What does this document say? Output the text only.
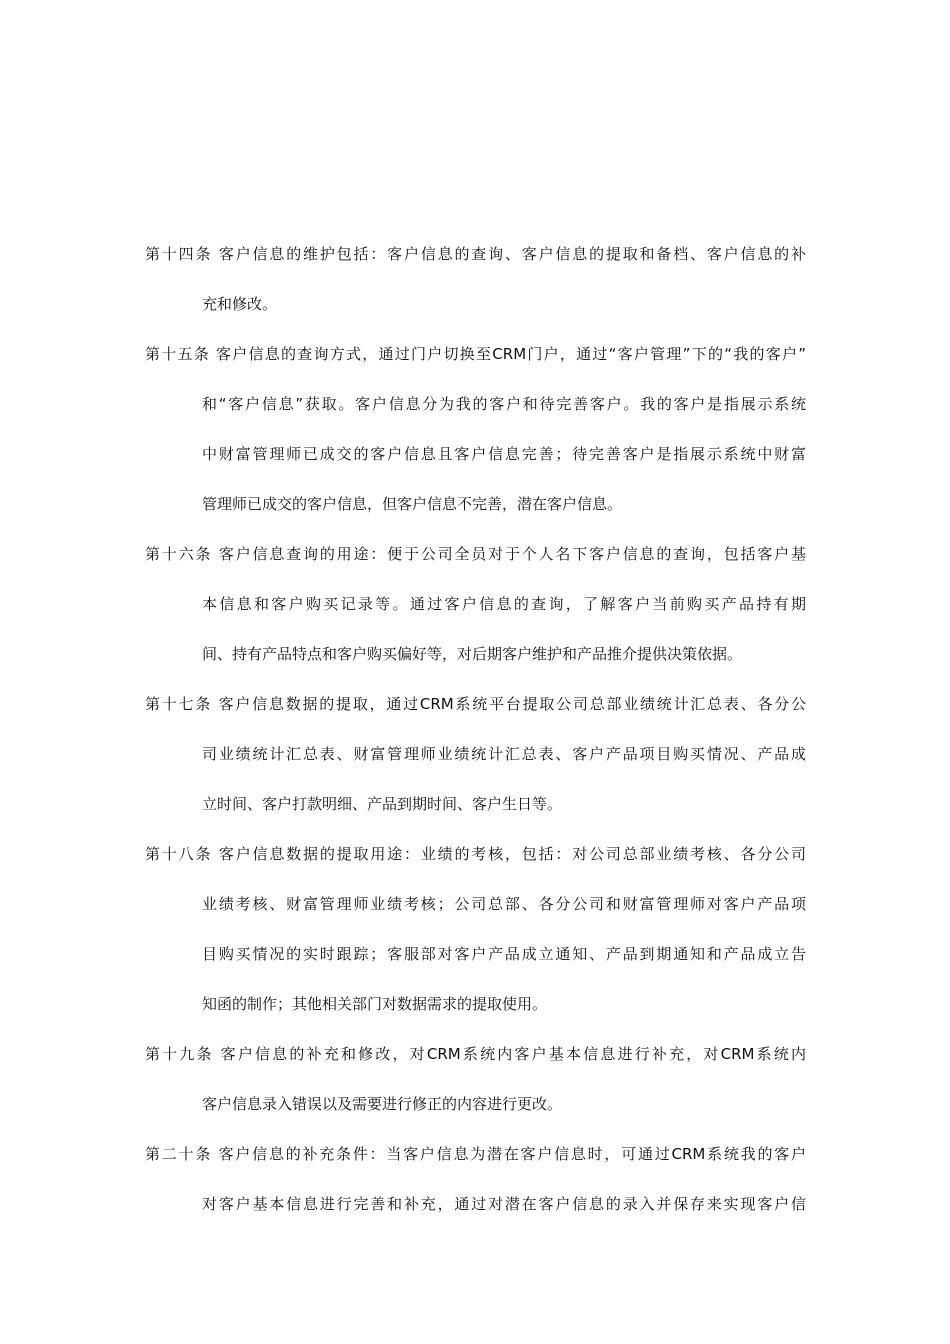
第十四条 客户信息的维护包括：客户信息的查询、客户信息的提取和备档、客户信息的补
充和修改。
第十五条 客户信息的查询方式，通过门户切换至CRM门户，通过“客户管理”下的“我的客户”
和“客户信息”获取。客户信息分为我的客户和待完善客户。我的客户是指展示系统
中财富管理师已成交的客户信息且客户信息完善；待完善客户是指展示系统中财富
管理师已成交的客户信息，但客户信息不完善，潜在客户信息。
第十六条 客户信息查询的用途：便于公司全员对于个人名下客户信息的查询，包括客户基
本信息和客户购买记录等。通过客户信息的查询，了解客户当前购买产品持有期
间、持有产品特点和客户购买偏好等，对后期客户维护和产品推介提供决策依据。
第十七条 客户信息数据的提取，通过CRM系统平台提取公司总部业绩统计汇总表、各分公
司业绩统计汇总表、财富管理师业绩统计汇总表、客户产品项目购买情况、产品成
立时间、客户打款明细、产品到期时间、客户生日等。
第十八条 客户信息数据的提取用途：业绩的考核，包括：对公司总部业绩考核、各分公司
业绩考核、财富管理师业绩考核；公司总部、各分公司和财富管理师对客户产品项
目购买情况的实时跟踪；客服部对客户产品成立通知、产品到期通知和产品成立告
知函的制作；其他相关部门对数据需求的提取使用。
第十九条 客户信息的补充和修改，对CRM系统内客户基本信息进行补充，对CRM系统内
客户信息录入错误以及需要进行修正的内容进行更改。
第二十条 客户信息的补充条件：当客户信息为潜在客户信息时，可通过CRM系统我的客户
对客户基本信息进行完善和补充，通过对潜在客户信息的录入并保存来实现客户信
